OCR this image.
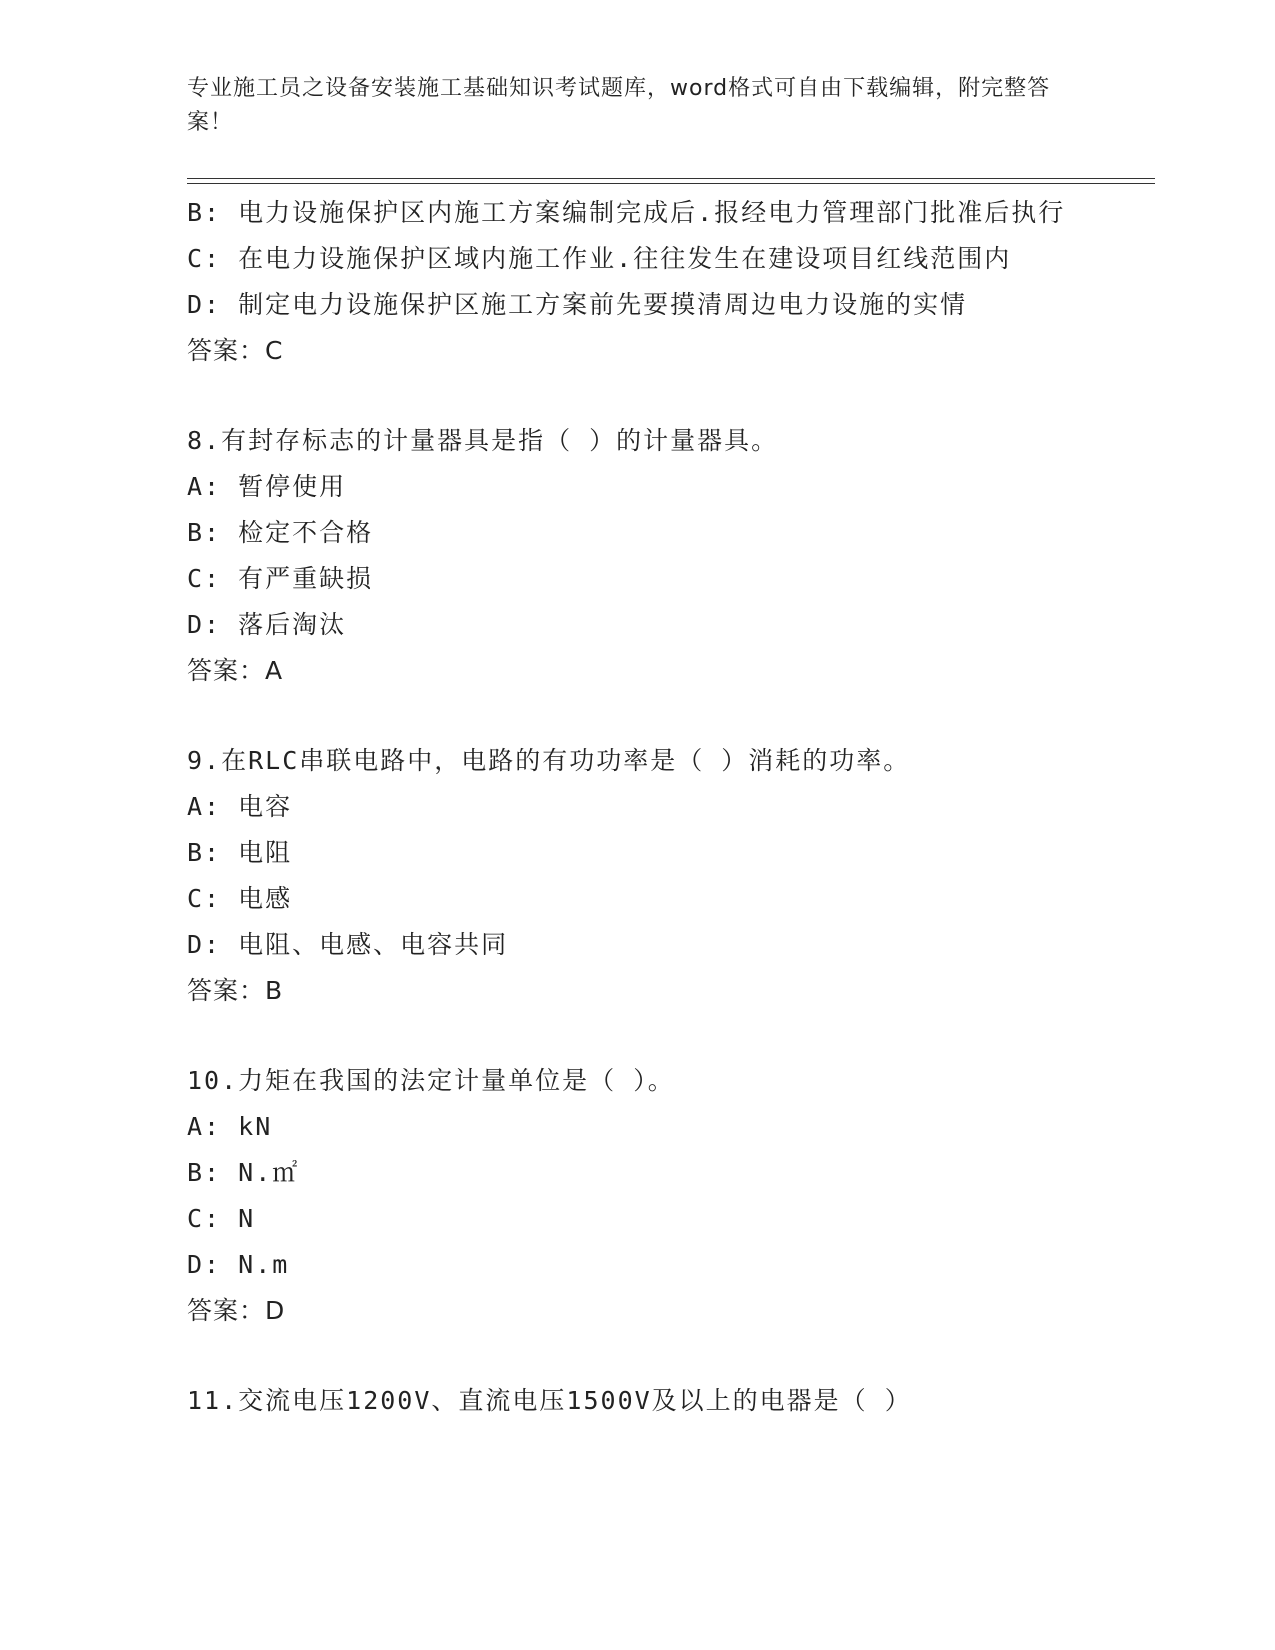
专业施工员之设备安装施工基础知识考试题库，word格式可自由下载编辑，附完整答案！
B: 电力设施保护区内施工方案编制完成后.报经电力管理部门批准后执行
C: 在电力设施保护区域内施工作业.往往发生在建设项目红线范围内
D: 制定电力设施保护区施工方案前先要摸清周边电力设施的实情
答案：C
8.有封存标志的计量器具是指（ ）的计量器具。
A: 暂停使用
B: 检定不合格
C: 有严重缺损
D: 落后淘汰
答案：A
9.在RLC串联电路中，电路的有功功率是（ ）消耗的功率。
A: 电容
B: 电阻
C: 电感
D: 电阻、电感、电容共同
答案：B
10.力矩在我国的法定计量单位是（ ）。
A: kN
B: N.㎡
C: N
D: N.m
答案：D
11.交流电压1200V、直流电压1500V及以上的电器是（ ）
